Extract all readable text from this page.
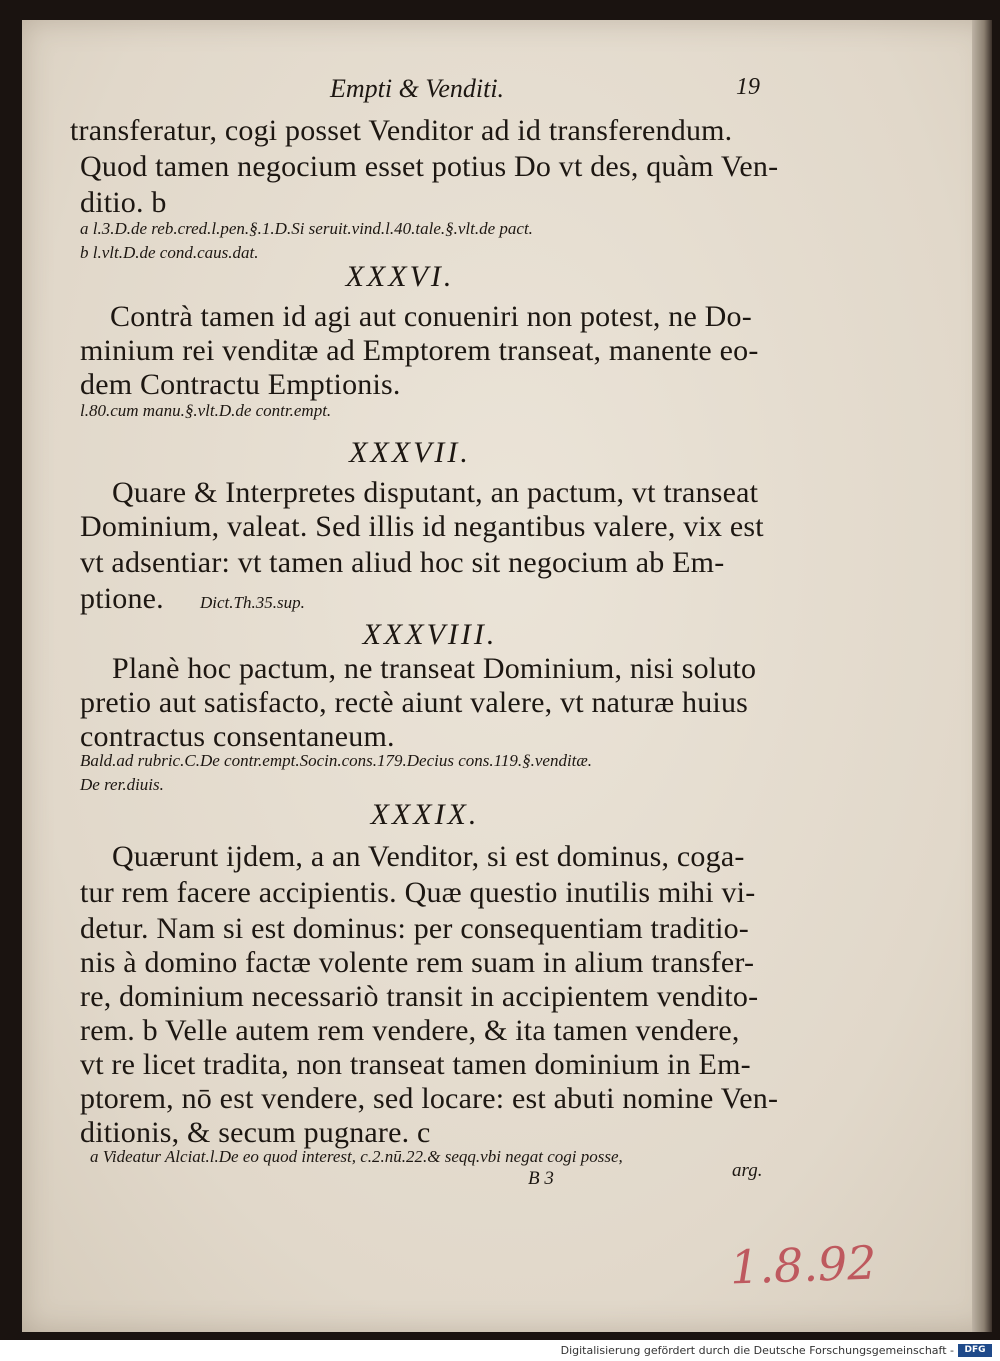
Empti & Venditi.	19
transferatur, cogi posset Venditor ad id transferendum.
Quod tamen negocium esset potius Do vt des, quàm Ven-
ditio. b
a l.3.D.de reb.cred.l.pen.§.1.D.Si seruit.vind.l.40.tale.§.vlt.de pact.
b l.vlt.D.de cond.caus.dat.
XXXVI.
Contrà tamen id agi aut conueniri non potest, ne Do-
minium rei venditæ ad Emptorem transeat, manente eo-
dem Contractu Emptionis.
l.80.cum manu.§.vlt.D.de contr.empt.
XXXVII.
Quare & Interpretes disputant, an pactum, vt transeat
Dominium, valeat. Sed illis id negantibus valere, vix est
vt adsentiar: vt tamen aliud hoc sit negocium ab Em-
ptione. Dict.Th.35.sup.
XXXVIII.
Planè hoc pactum, ne transeat Dominium, nisi soluto
pretio aut satisfacto, rectè aiunt valere, vt naturæ huius
contractus consentaneum.
Bald.ad rubric.C.De contr.empt.Socin.cons.179.Decius cons.119.§.venditæ.
De rer.diuis.
XXXIX.
Quærunt ijdem, a an Venditor, si est dominus, coga-
tur rem facere accipientis. Quæ questio inutilis mihi vi-
detur. Nam si est dominus: per consequentiam traditio-
nis à domino factæ volente rem suam in alium transfer-
re, dominium necessariò transit in accipientem vendito-
rem. b Velle autem rem vendere, & ita tamen vendere,
vt re licet tradita, non transeat tamen dominium in Em-
ptorem, nō est vendere, sed locare: est abuti nomine Ven-
ditionis, & secum pugnare. c
a Videatur Alciat.l.De eo quod interest, c.2.nū.22.& seqq.vbi negat cogi posse,
B 3	arg.
1.8.92
Digitalisierung gefördert durch die Deutsche Forschungsgemeinschaft -	DFG
